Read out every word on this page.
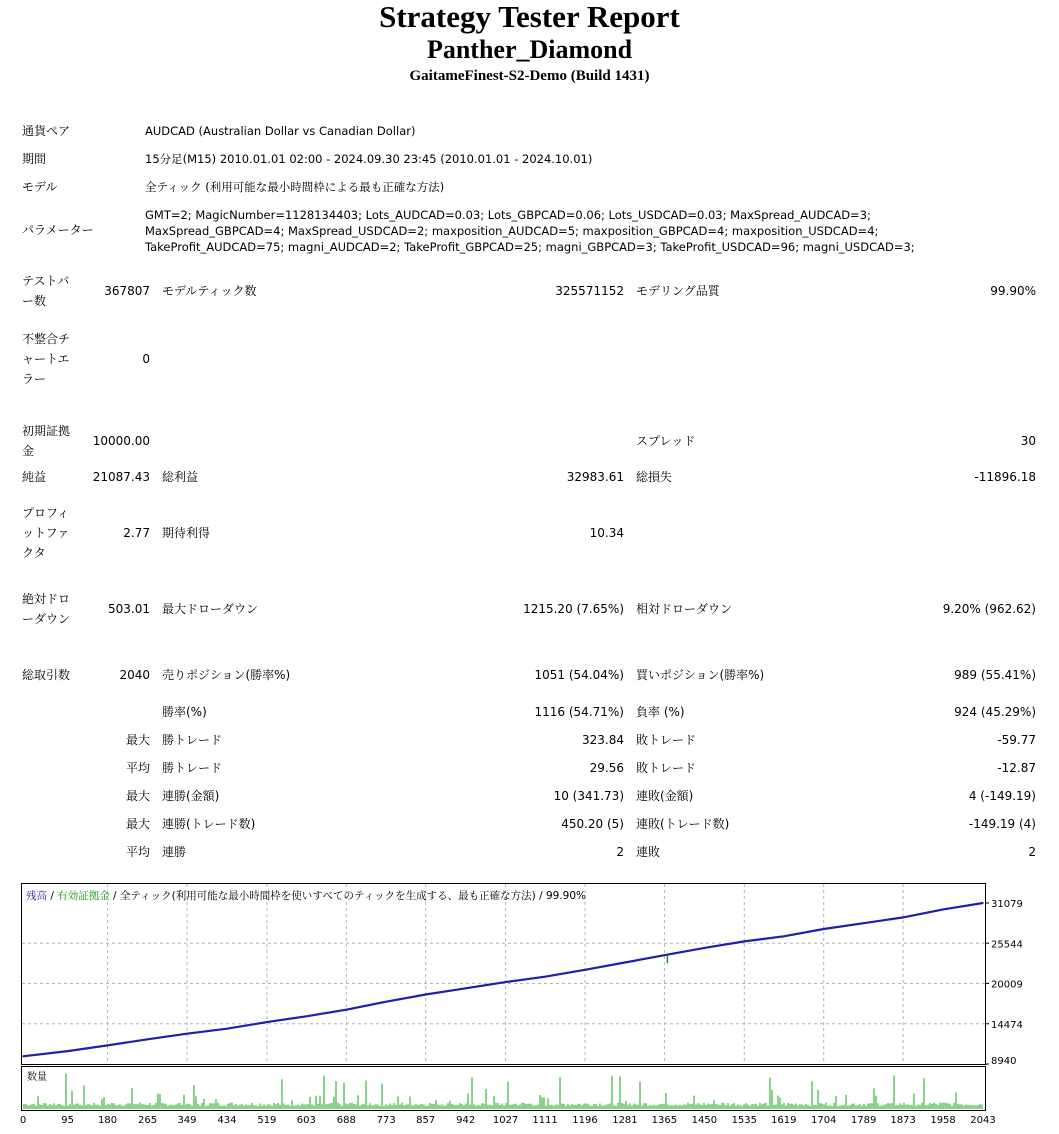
Strategy Tester Report
Panther_Diamond
GaitameFinest-S2-Demo (Build 1431)
通貨ペア	AUDCAD (Australian Dollar vs Canadian Dollar)
期間	15分足(M15) 2010.01.01 02:00 - 2024.09.30 23:45 (2010.01.01 - 2024.10.01)
モデル	全ティック (利用可能な最小時間枠による最も正確な方法)
パラメーター
GMT=2; MagicNumber=1128134403; Lots_AUDCAD=0.03; Lots_GBPCAD=0.06; Lots_USDCAD=0.03; MaxSpread_AUDCAD=3;
MaxSpread_GBPCAD=4; MaxSpread_USDCAD=2; maxposition_AUDCAD=5; maxposition_GBPCAD=4; maxposition_USDCAD=4;
TakeProfit_AUDCAD=75; magni_AUDCAD=2; TakeProfit_GBPCAD=25; magni_GBPCAD=3; TakeProfit_USDCAD=96; magni_USDCAD=3;
テストバー数	367807	モデルティック数	325571152	モデリング品質	99.90%
不整合チャートエラー	0				

初期証拠金	10000.00			スプレッド	30
純益	21087.43	総利益	32983.61	総損失	-11896.18
プロフィットファクタ	2.77	期待利得	10.34		
絶対ドローダウン	503.01	最大ドローダウン	1215.20 (7.65%)	相対ドローダウン	9.20% (962.62)

総取引数	2040	売りポジション(勝率%)	1051 (54.04%)	買いポジション(勝率%)	989 (55.41%)
		勝率(%)	1116 (54.71%)	負率 (%)	924 (45.29%)
	最大	勝トレード	323.84	敗トレード	-59.77
	平均	勝トレード	29.56	敗トレード	-12.87
	最大	連勝(金額)	10 (341.73)	連敗(金額)	4 (-149.19)
	最大	連勝(トレード数)	450.20 (5)	連敗(トレード数)	-149.19 (4)
	平均	連勝	2	連敗	2
31079
25544
20009
14474
8940
残高 / 有効証拠金 / 全ティック(利用可能な最小時間枠を使いすべてのティックを生成する、最も正確な方法) / 99.90%
数量
0	95 180 265 349 434 519 603 688 773 857 942 1027 1111 1196 1281 1365 1450 1535 1619 1704 1789 1873 1958 2043
